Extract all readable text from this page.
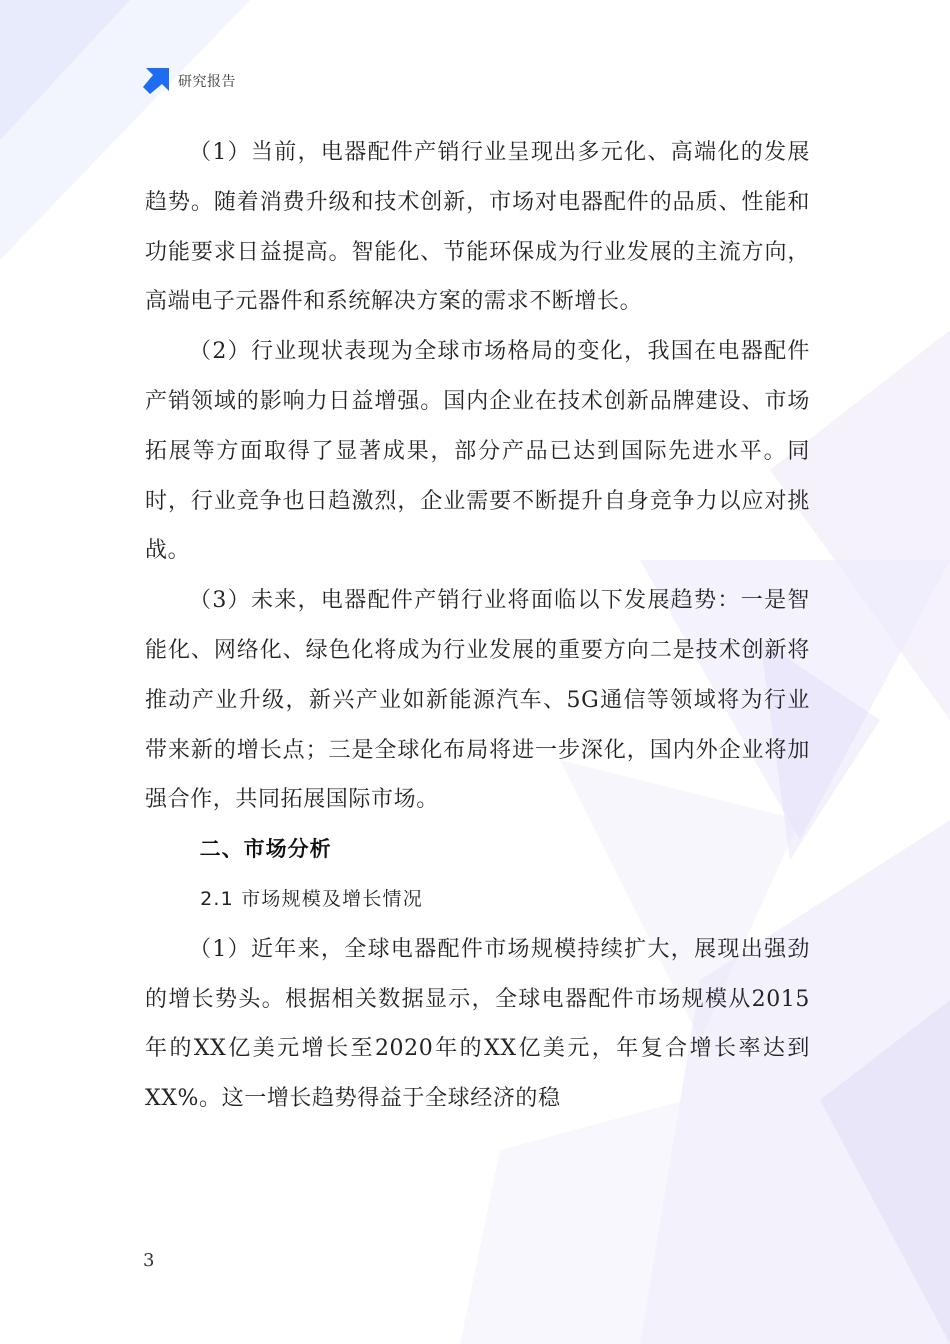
研究报告

（1）当前，电器配件产销行业呈现出多元化、高端化的发展趋势。随着消费升级和技术创新，市场对电器配件的品质、性能和功能要求日益提高。智能化、节能环保成为行业发展的主流方向，高端电子元器件和系统解决方案的需求不断增长。

（2）行业现状表现为全球市场格局的变化，我国在电器配件产销领域的影响力日益增强。国内企业在技术创新品牌建设、市场拓展等方面取得了显著成果，部分产品已达到国际先进水平。同时，行业竞争也日趋激烈，企业需要不断提升自身竞争力以应对挑战。

（3）未来，电器配件产销行业将面临以下发展趋势：一是智能化、网络化、绿色化将成为行业发展的重要方向二是技术创新将推动产业升级，新兴产业如新能源汽车、5G通信等领域将为行业带来新的增长点；三是全球化布局将进一步深化，国内外企业将加强合作，共同拓展国际市场。

二、市场分析

2.1 市场规模及增长情况

（1）近年来，全球电器配件市场规模持续扩大，展现出强劲的增长势头。根据相关数据显示，全球电器配件市场规模从2015年的XX亿美元增长至2020年的XX亿美元，年复合增长率达到XX%。这一增长趋势得益于全球经济的稳

3
